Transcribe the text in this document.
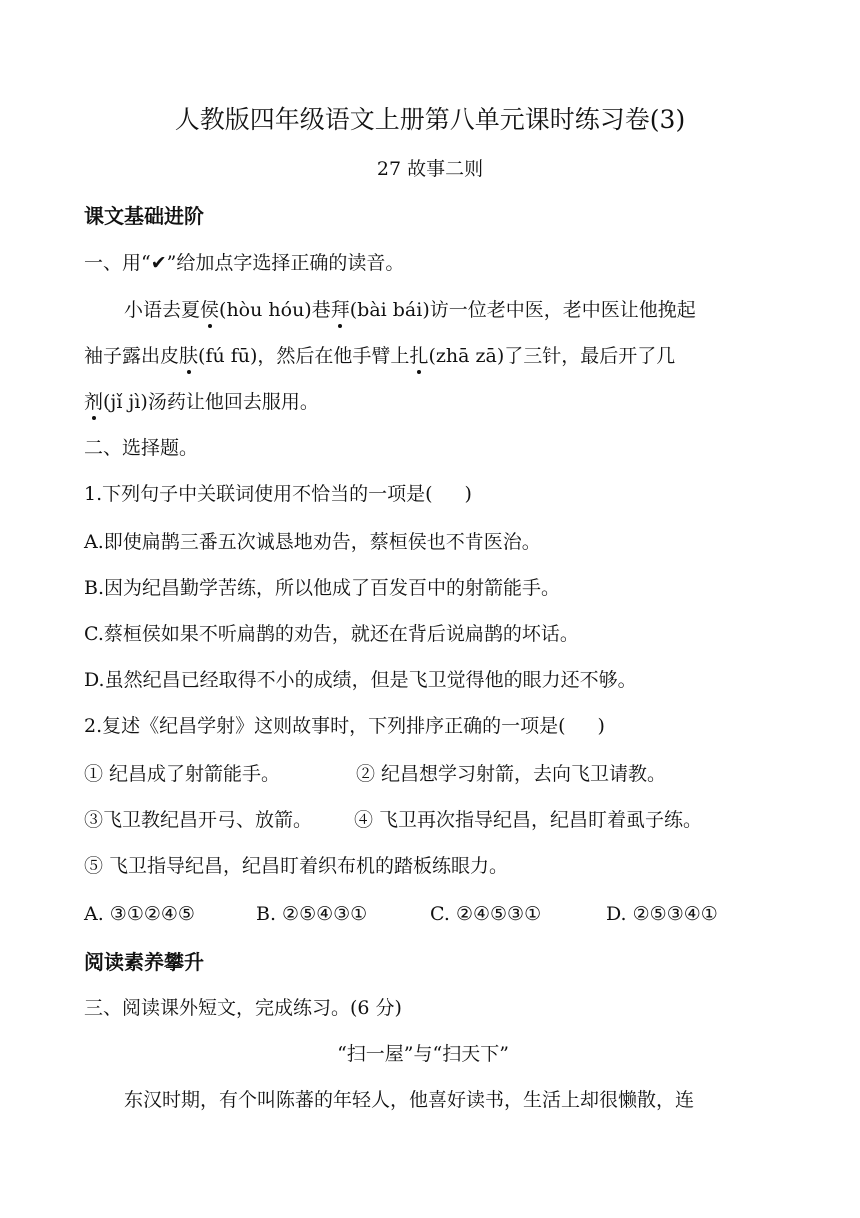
人教版四年级语文上册第八单元课时练习卷(3)
27 故事二则
课文基础进阶
一、用“✔”给加点字选择正确的读音。
小语去夏侯(hòu hóu)巷拜(bài bái)访一位老中医，老中医让他挽起
袖子露出皮肤(fú fū)，然后在他手臂上扎(zhā zā)了三针，最后开了几
剂(jǐ jì)汤药让他回去服用。
二、选择题。
1.下列句子中关联词使用不恰当的一项是( )
A.即使扁鹊三番五次诚恳地劝告，蔡桓侯也不肯医治。
B.因为纪昌勤学苦练，所以他成了百发百中的射箭能手。
C.蔡桓侯如果不听扁鹊的劝告，就还在背后说扁鹊的坏话。
D.虽然纪昌已经取得不小的成绩，但是飞卫觉得他的眼力还不够。
2.复述《纪昌学射》这则故事时，下列排序正确的一项是( )
① 纪昌成了射箭能手。	② 纪昌想学习射箭，去向飞卫请教。
③飞卫教纪昌开弓、放箭。 ④ 飞卫再次指导纪昌，纪昌盯着虱子练。
⑤ 飞卫指导纪昌，纪昌盯着织布机的踏板练眼力。
A. ③①②④⑤	B. ②⑤④③①	C. ②④⑤③①	D. ②⑤③④①
阅读素养攀升
三、阅读课外短文，完成练习。(6 分)
“扫一屋”与“扫天下”
东汉时期，有个叫陈蕃的年轻人，他喜好读书，生活上却很懒散，连
